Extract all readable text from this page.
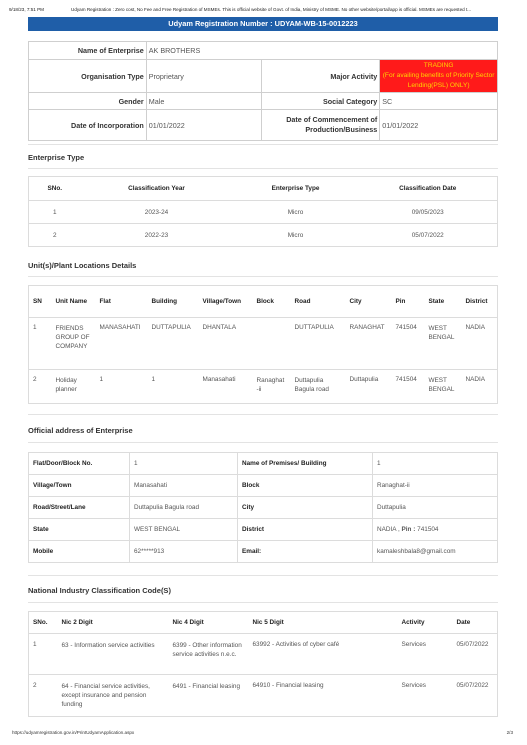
9/18/23, 7:51 PM	Udyam Registration : Zero cost, No Fee and Free Registration of MSMEs. This is official website of Govt. of India, Ministry of MSME. No other website/portal/app is official. MSMEs are requested t...
Udyam Registration Number : UDYAM-WB-15-0012223
Name of Enterprise	AK BROTHERS		
Organisation Type	Proprietary	Major Activity	TRADING
(For availing benefits of Priority Sector Lending(PSL) ONLY)

Gender	Male	Social Category	SC
Date of Incorporation	01/01/2022	Date of Commencement of Production/Business	01/01/2022
Enterprise Type
SNo.	Classification Year	Enterprise Type	Classification Date
1	2023-24	Micro	09/05/2023
2	2022-23	Micro	05/07/2022
Unit(s)/Plant Locations Details
SN	Unit Name	Flat	Building	Village/Town	Block	Road	City	Pin	State	District
1	FRIENDS GROUP OF COMPANY	MANASAHATI	DUTTAPULIA	DHANTALA		DUTTAPULIA	RANAGHAT	741504	WEST BENGAL	NADIA
2	Holiday planner	1	1	Manasahati	Ranaghat -ii	Duttapulia Bagula road	Duttapulia	741504	WEST BENGAL	NADIA
Official address of Enterprise
Flat/Door/Block No.	1	Name of Premises/ Building	1
Village/Town	Manasahati	Block	Ranaghat-ii
Road/Street/Lane	Duttapulia Bagula road	City	Duttapulia
State	WEST BENGAL	District	NADIA , Pin : 741504
Mobile	62*****913	Email:	kamaleshbala8@gmail.com
National Industry Classification Code(S)
SNo.	Nic 2 Digit	Nic 4 Digit	Nic 5 Digit	Activity	Date
1	63 - Information service activities	6399 - Other information service activities n.e.c.	63992 - Activities of cyber café	Services	05/07/2022
2	64 - Financial service activities, except insurance and pension funding	6491 - Financial leasing	64910 - Financial leasing	Services	05/07/2022
https://udyamregistration.gov.in/PrintUdyamApplication.aspx	2/3
